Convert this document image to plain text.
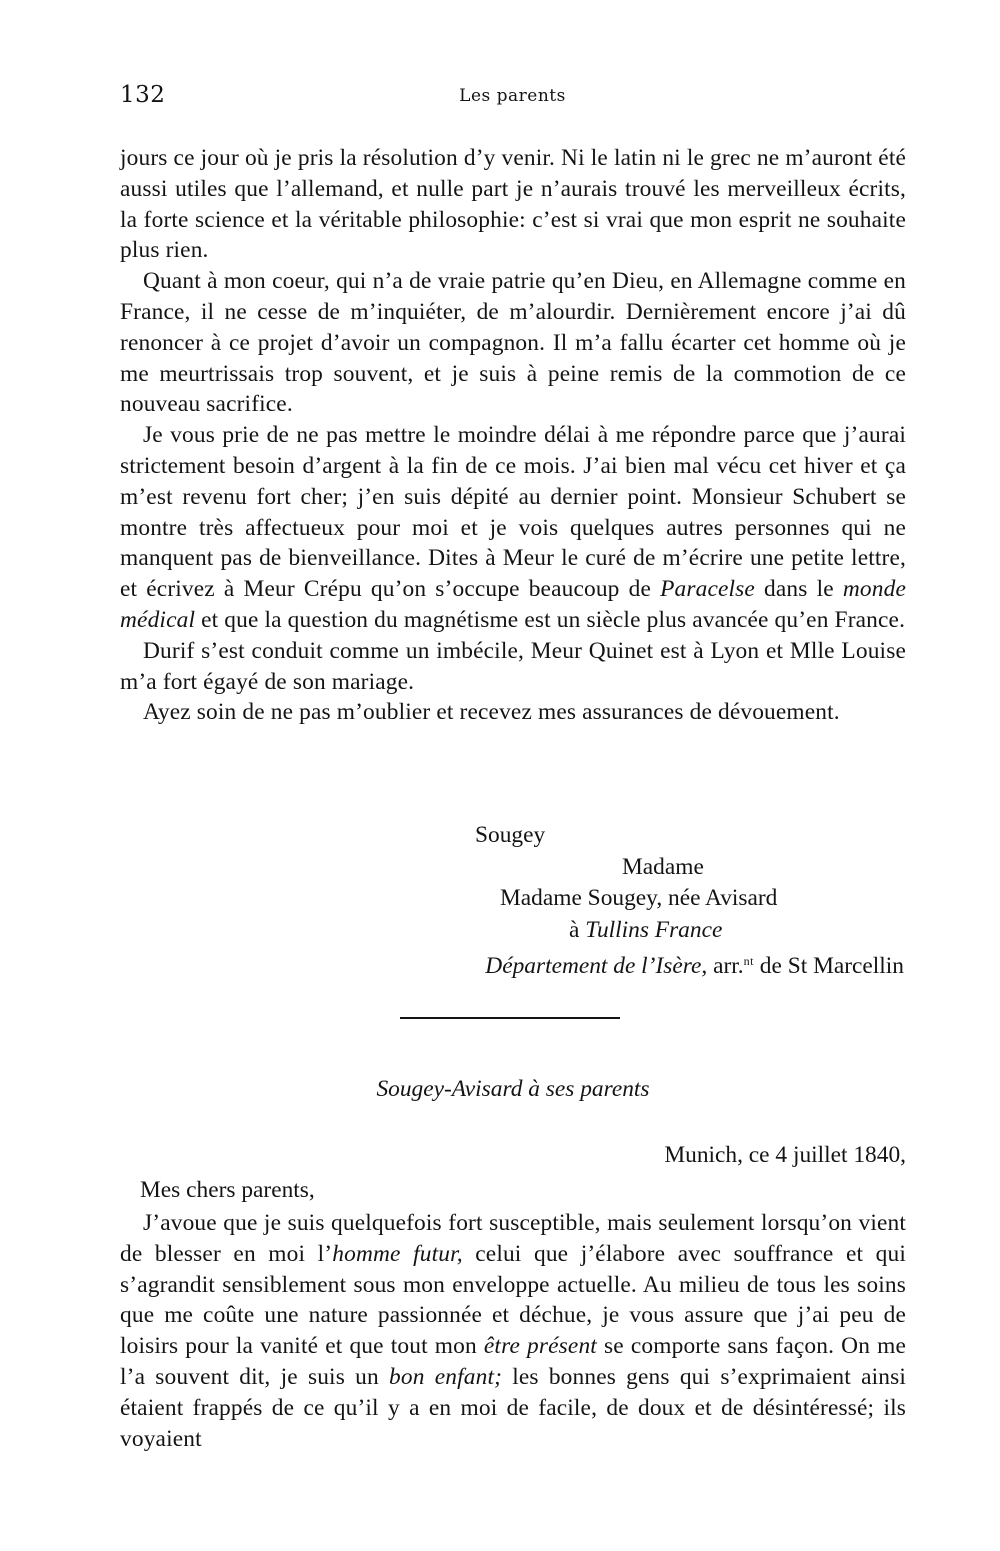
132	Les parents

jours ce jour où je pris la résolution d’y venir. Ni le latin ni le grec ne m’auront été aussi utiles que l’allemand, et nulle part je n’aurais trouvé les merveilleux écrits, la forte science et la véritable philosophie: c’est si vrai que mon esprit ne souhaite plus rien.

Quant à mon coeur, qui n’a de vraie patrie qu’en Dieu, en Allemagne comme en France, il ne cesse de m’inquiéter, de m’alourdir. Dernièrement encore j’ai dû renoncer à ce projet d’avoir un compagnon. Il m’a fallu écarter cet homme où je me meurtrissais trop souvent, et je suis à peine remis de la commotion de ce nouveau sacrifice.

Je vous prie de ne pas mettre le moindre délai à me répondre parce que j’aurai strictement besoin d’argent à la fin de ce mois. J’ai bien mal vécu cet hiver et ça m’est revenu fort cher; j’en suis dépité au dernier point. Monsieur Schubert se montre très affectueux pour moi et je vois quelques autres personnes qui ne manquent pas de bienveillance. Dites à Meur le curé de m’écrire une petite lettre, et écrivez à Meur Crépu qu’on s’occupe beaucoup de Paracelse dans le monde médical et que la question du magnétisme est un siècle plus avancée qu’en France.

Durif s’est conduit comme un imbécile, Meur Quinet est à Lyon et Mlle Louise m’a fort égayé de son mariage.

Ayez soin de ne pas m’oublier et recevez mes assurances de dévouement.

Sougey
Madame
Madame Sougey, née Avisard
à Tullins France
Département de l’Isère, arr.$^{nt}$ de St Marcellin
Sougey-Avisard à ses parents
Munich, ce 4 juillet 1840,
Mes chers parents,

J’avoue que je suis quelquefois fort susceptible, mais seulement lorsqu’on vient de blesser en moi l’homme futur, celui que j’élabore avec souffrance et qui s’agrandit sensiblement sous mon enveloppe actuelle. Au milieu de tous les soins que me coûte une nature passionnée et déchue, je vous assure que j’ai peu de loisirs pour la vanité et que tout mon être présent se comporte sans façon. On me l’a souvent dit, je suis un bon enfant; les bonnes gens qui s’exprimaient ainsi étaient frappés de ce qu’il y a en moi de facile, de doux et de désintéressé; ils voyaient
